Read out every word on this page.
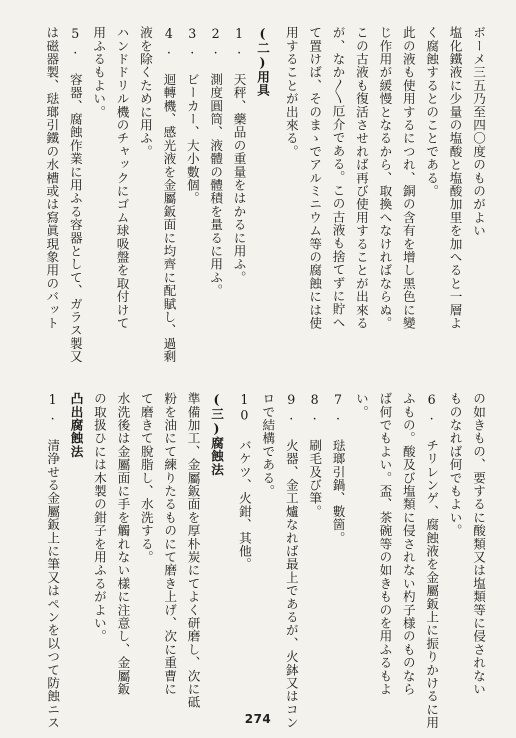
ボーメ三五乃至四〇度のものがよい
塩化鐵液に少量の塩酸と塩酸加里を加へると一層よ
く腐蝕するとのことである。
此の液も使用するにつれ、銅の含有を增し黑色に變
じ作用が緩慢となるから、取換へなければならぬ。
この古液も復活させれば再び使用することが出來る
が、なか〳〵厄介である。この古液も捨てずに貯へ
て置けば、そのまゝでアルミニウム等の腐蝕には使
用することが出來る。
(二)用具
1. 天秤、藥品の重量をはかるに用ふ。
2. 測度圓筒、液體の體積を量るに用ふ。
3. ビーカー、大小數個。
4. 迴轉機、感光液を金屬鈑面に均齊に配賦し、過剩
液を除くために用ふ。
ハンドドリル機のチャックにゴム球吸盤を取付けて
用ふるもよい。
5. 容器、腐蝕作業に用ふる容器として、ガラス製又
は磁器製、琺瑯引鐵の水槽或は寫眞現象用のバット
の如きもの、要するに酸類又は塩類等に侵されない
ものなれば何でもよい。
6. チリレンゲ、腐蝕液を金屬鈑上に振りかけるに用
ふもの。酸及び塩類に侵されない杓子様のものなら
ば何でもよい。盃、茶碗等の如きものを用ふるもよ
い。
7. 琺瑯引鍋、數箇。
8. 刷毛及び筆。
9. 火器、金工爐なれば最上であるが、火鉢又はコン
ロで結構である。
10 バケツ、火鉗、其他。
(三)腐蝕法
準備加工、金屬鈑面を厚朴炭にてよく研磨し、次に砥
粉を油にて練りたるものにて磨き上げ、次に重曹に
て磨きて脫脂し、水洗する。
水洗後は金屬面に手を觸れない樣に注意し、金屬鈑
の取扱ひには木製の鉗子を用ふるがよい。
凸出腐蝕法
1. 清浄せる金屬鈑上に筆又はペンを以つて防蝕ニス	274
